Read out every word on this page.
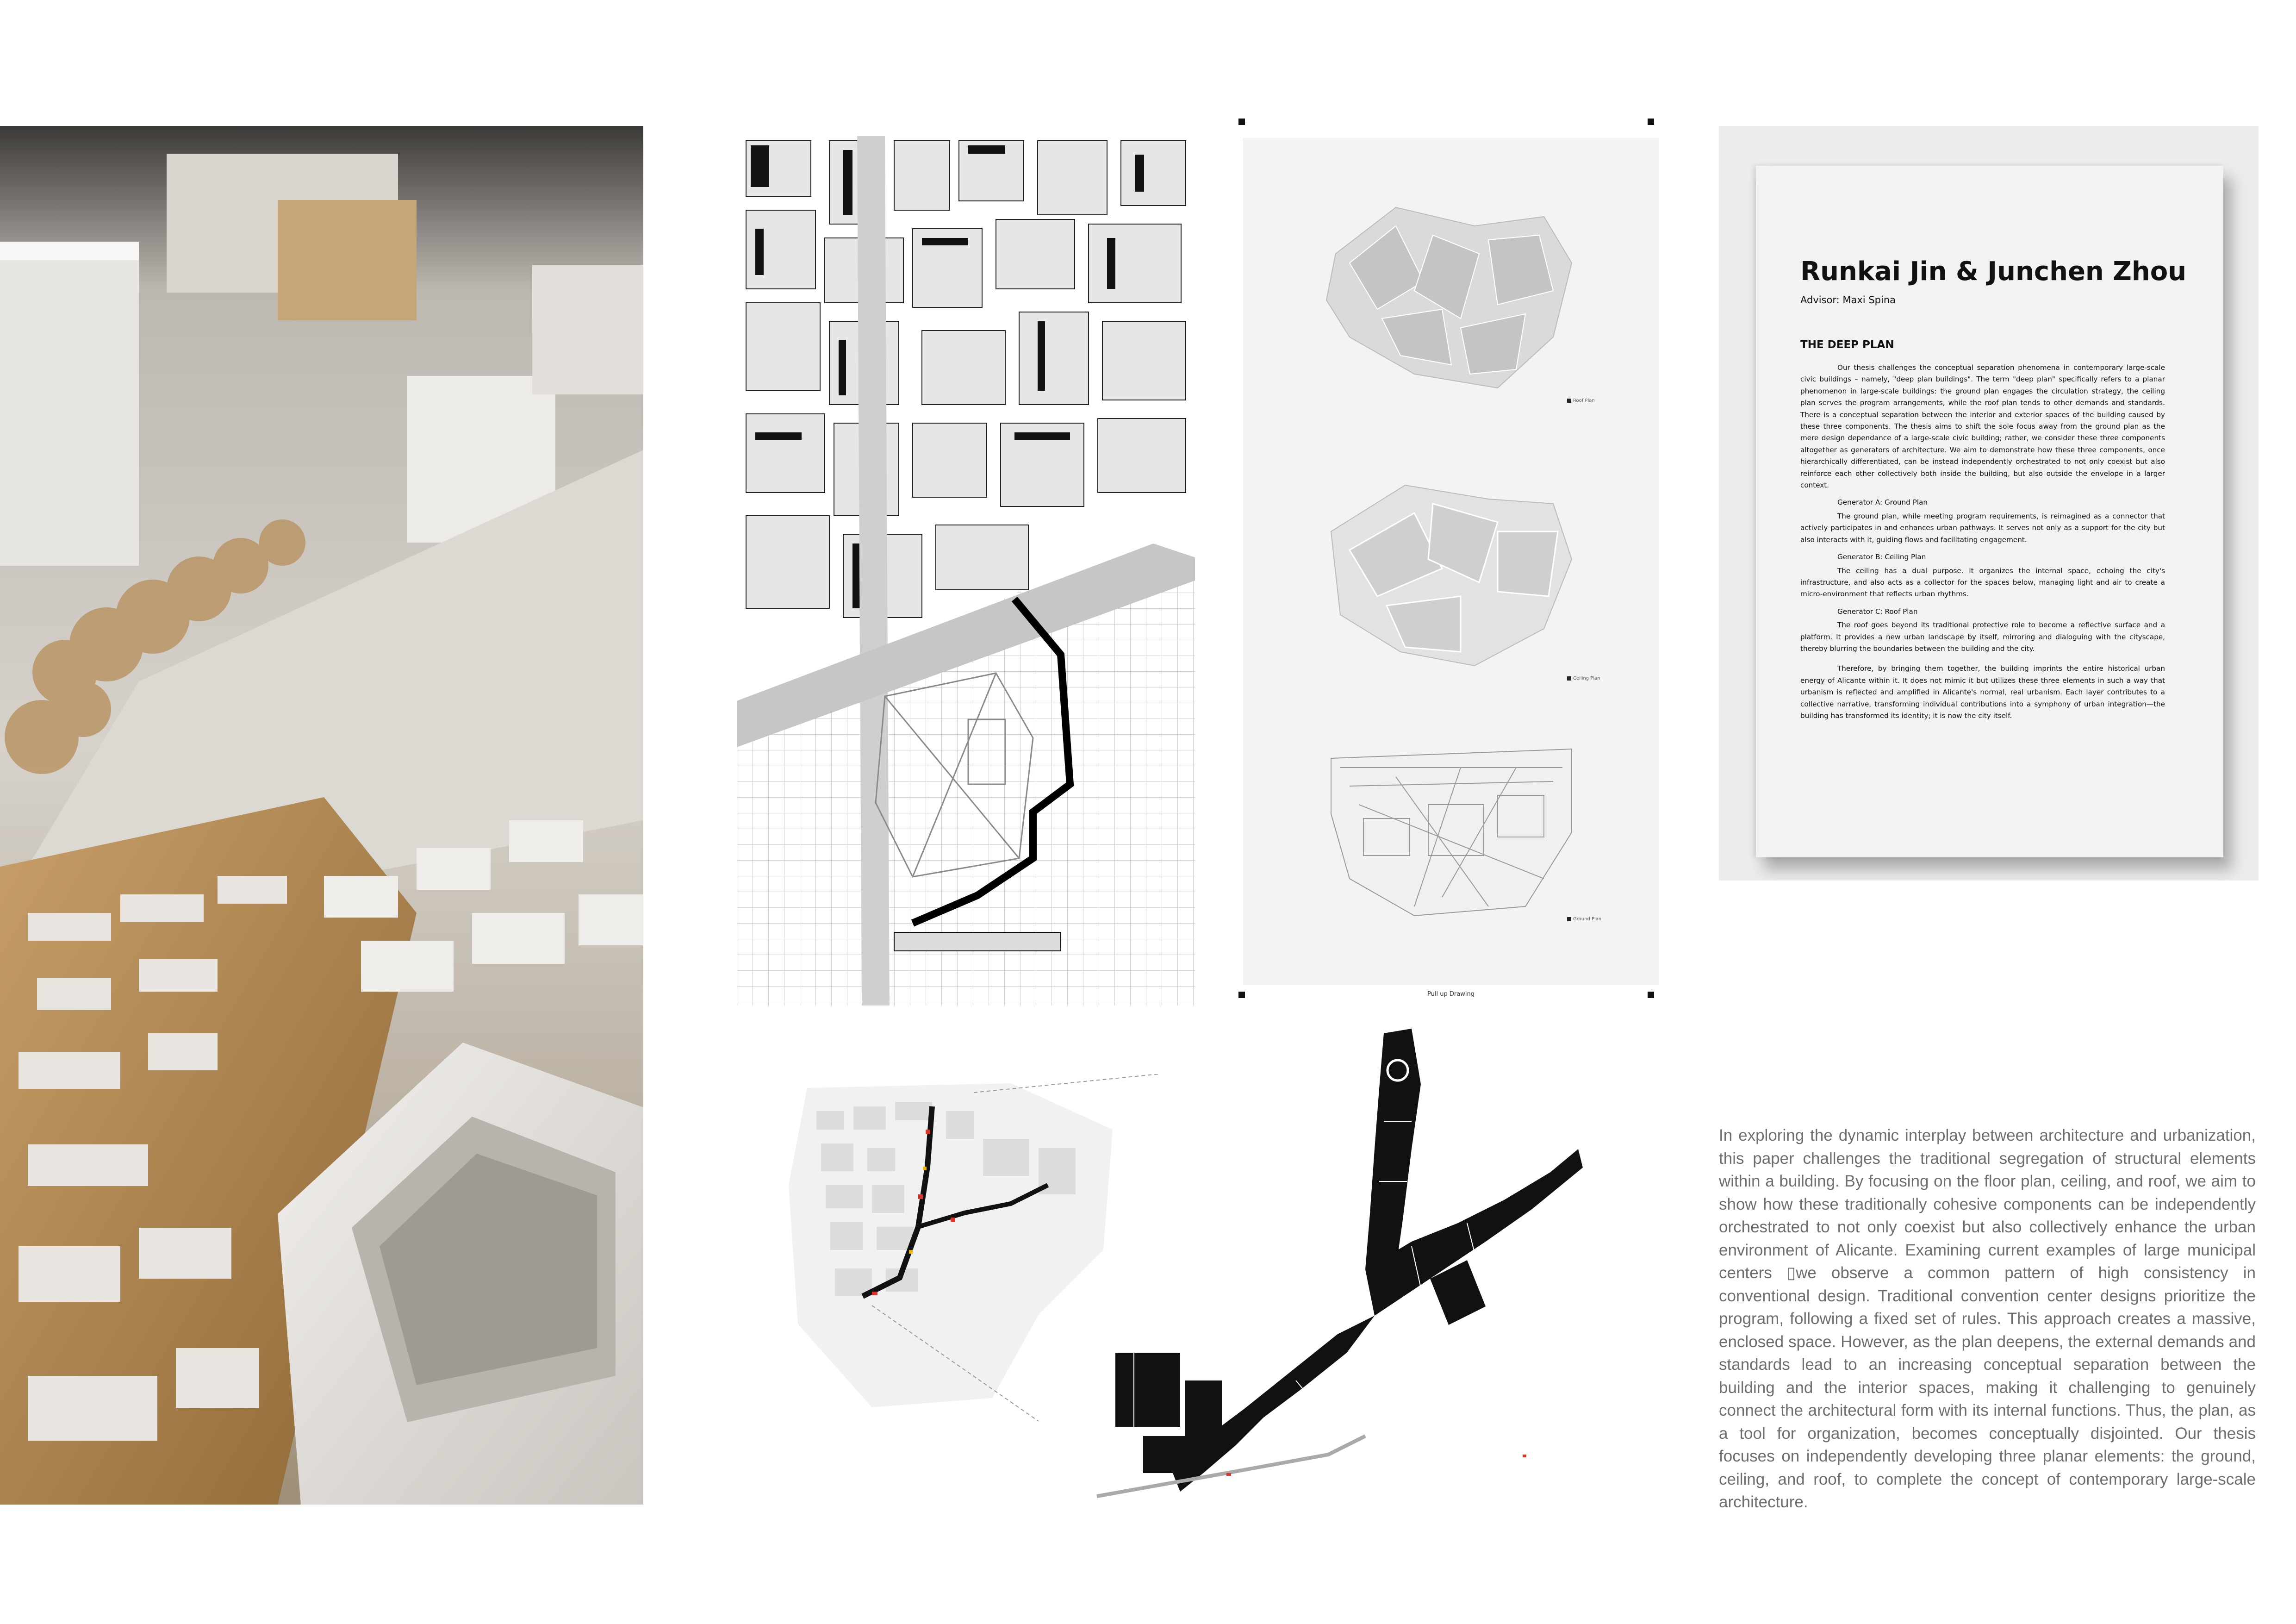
Roof Plan
Ceiling Plan
Ground Plan
Pull up Drawing
Runkai Jin & Junchen Zhou
Advisor: Maxi Spina
THE DEEP PLAN

Our thesis challenges the conceptual separation phenomena in contemporary large-scale civic buildings – namely, "deep plan buildings". The term "deep plan" specifically refers to a planar phenomenon in large-scale buildings: the ground plan engages the circulation strategy, the ceiling plan serves the program arrangements, while the roof plan tends to other demands and standards. There is a conceptual separation between the interior and exterior spaces of the building caused by these three components. The thesis aims to shift the sole focus away from the ground plan as the mere design dependance of a large-scale civic building; rather, we consider these three components altogether as generators of architecture. We aim to demonstrate how these three components, once hierarchically differentiated, can be instead independently orchestrated to not only coexist but also reinforce each other collectively both inside the building, but also outside the envelope in a larger context.

Generator A: Ground Plan

The ground plan, while meeting program requirements, is reimagined as a connector that actively participates in and enhances urban pathways. It serves not only as a support for the city but also interacts with it, guiding flows and facilitating engagement.

Generator B: Ceiling Plan

The ceiling has a dual purpose. It organizes the internal space, echoing the city's infrastructure, and also acts as a collector for the spaces below, managing light and air to create a micro-environment that reflects urban rhythms.

Generator C: Roof Plan

The roof goes beyond its traditional protective role to become a reflective surface and a platform. It provides a new urban landscape by itself, mirroring and dialoguing with the cityscape, thereby blurring the boundaries between the building and the city.

Therefore, by bringing them together, the building imprints the entire historical urban energy of Alicante within it. It does not mimic it but utilizes these three elements in such a way that urbanism is reflected and amplified in Alicante's normal, real urbanism. Each layer contributes to a collective narrative, transforming individual contributions into a symphony of urban integration—the building has transformed its identity; it is now the city itself.

In exploring the dynamic interplay between architecture and urbanization, this paper challenges the traditional segregation of structural elements within a building. By focusing on the floor plan, ceiling, and roof, we aim to show how these traditionally cohesive components can be independently orchestrated to not only coexist but also collectively enhance the urban environment of Alicante. Examining current examples of large municipal centers ▯we observe a common pattern of high consistency in conventional design. Traditional convention center designs prioritize the program, following a fixed set of rules. This approach creates a massive, enclosed space. However, as the plan deepens, the external demands and standards lead to an increasing conceptual separation between the building and the interior spaces, making it challenging to genuinely connect the architectural form with its internal functions. Thus, the plan, as a tool for organization, becomes conceptually disjointed. Our thesis focuses on independently developing three planar elements: the ground, ceiling, and roof, to complete the concept of contemporary large-scale architecture.
